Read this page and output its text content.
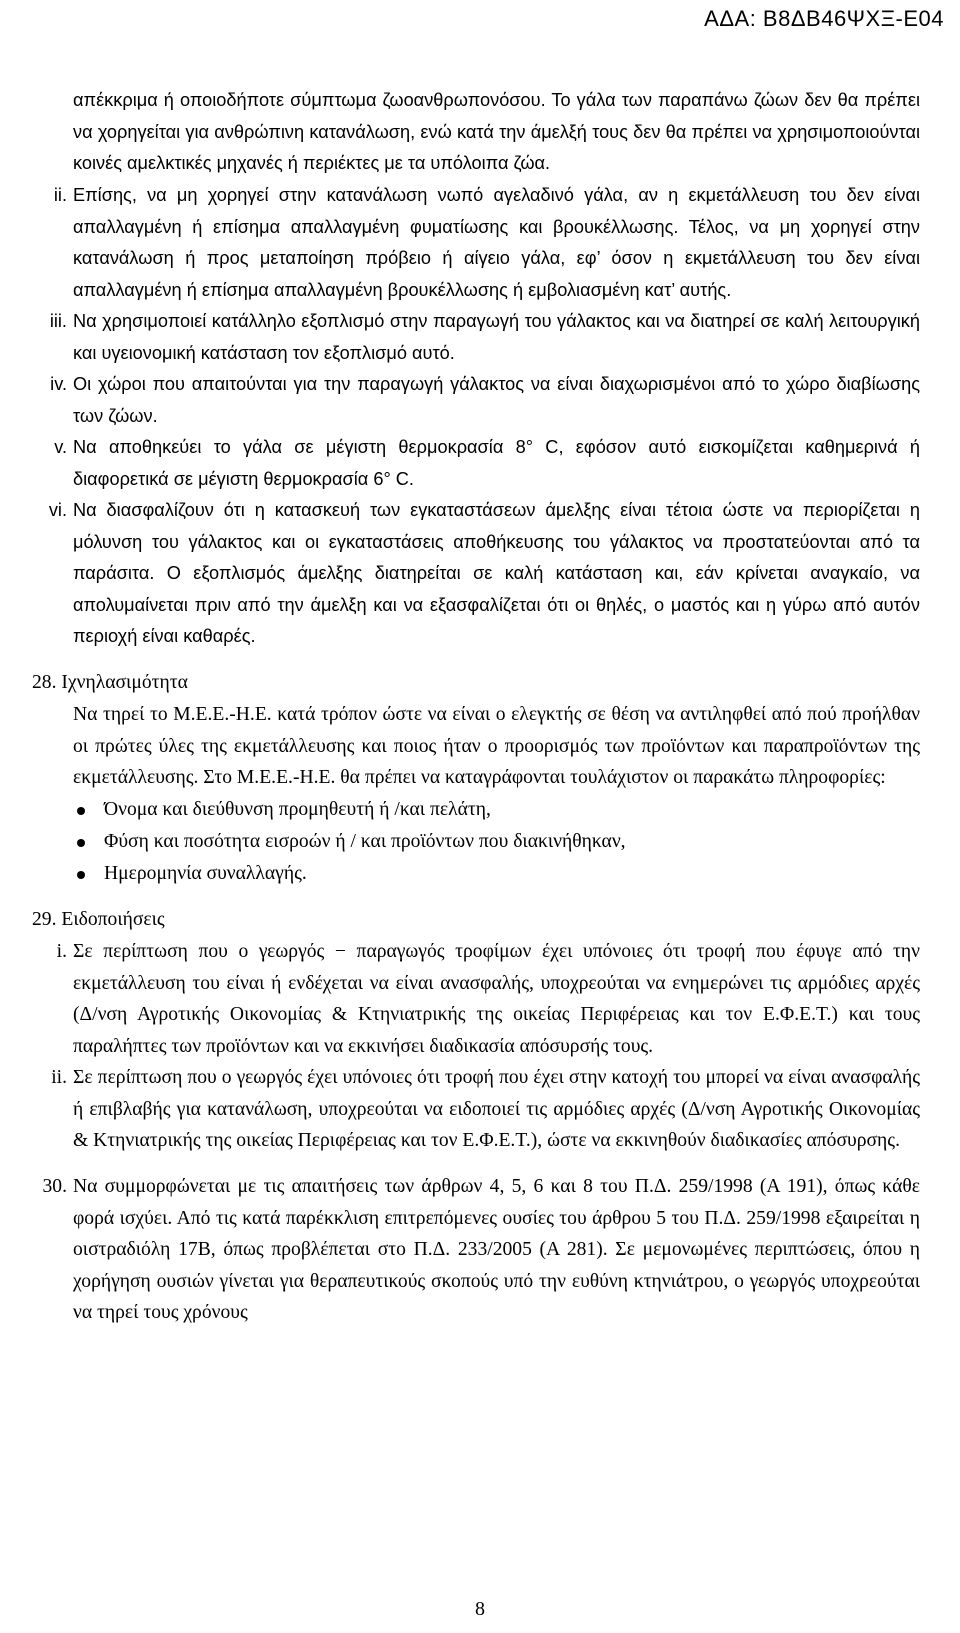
ΑΔΑ: Β8ΔΒ46ΨΧΞ-Ε04

απέκκριμα ή οποιοδήποτε σύμπτωμα ζωοανθρωπονόσου. Το γάλα των παραπάνω ζώων δεν θα πρέπει να χορηγείται για ανθρώπινη κατανάλωση, ενώ κατά την άμελξή τους δεν θα πρέπει να χρησιμοποιούνται κοινές αμελκτικές μηχανές ή περιέκτες με τα υπόλοιπα ζώα.

ii. Επίσης, να μη χορηγεί στην κατανάλωση νωπό αγελαδινό γάλα, αν η εκμετάλλευση του δεν είναι απαλλαγμένη ή επίσημα απαλλαγμένη φυματίωσης και βρουκέλλωσης. Τέλος, να μη χορηγεί στην κατανάλωση ή προς μεταποίηση πρόβειο ή αίγειο γάλα, εφ’ όσον η εκμετάλλευση του δεν είναι απαλλαγμένη ή επίσημα απαλλαγμένη βρουκέλλωσης ή εμβολιασμένη κατ’ αυτής.

iii. Να χρησιμοποιεί κατάλληλο εξοπλισμό στην παραγωγή του γάλακτος και να διατηρεί σε καλή λειτουργική και υγειονομική κατάσταση τον εξοπλισμό αυτό.

iv. Οι χώροι που απαιτούνται για την παραγωγή γάλακτος να είναι διαχωρισμένοι από το χώρο διαβίωσης των ζώων.

v. Να αποθηκεύει το γάλα σε μέγιστη θερμοκρασία 8° C, εφόσον αυτό εισκομίζεται καθημερινά ή διαφορετικά σε μέγιστη θερμοκρασία 6° C.

vi. Να διασφαλίζουν ότι η κατασκευή των εγκαταστάσεων άμελξης είναι τέτοια ώστε να περιορίζεται η μόλυνση του γάλακτος και οι εγκαταστάσεις αποθήκευσης του γάλακτος να προστατεύονται από τα παράσιτα. Ο εξοπλισμός άμελξης διατηρείται σε καλή κατάσταση και, εάν κρίνεται αναγκαίο, να απολυμαίνεται πριν από την άμελξη και να εξασφαλίζεται ότι οι θηλές, ο μαστός και η γύρω από αυτόν περιοχή είναι καθαρές.

28. Ιχνηλασιμότητα

Να τηρεί το Μ.Ε.Ε.-Η.Ε. κατά τρόπον ώστε να είναι ο ελεγκτής σε θέση να αντιληφθεί από πού προήλθαν οι πρώτες ύλες της εκμετάλλευσης και ποιος ήταν ο προορισμός των προϊόντων και παραπροϊόντων της εκμετάλλευσης. Στο Μ.Ε.Ε.-Η.Ε. θα πρέπει να καταγράφονται τουλάχιστον οι παρακάτω πληροφορίες:

Όνομα και διεύθυνση προμηθευτή ή /και πελάτη,
Φύση και ποσότητα εισροών ή / και προϊόντων που διακινήθηκαν,
Ημερομηνία συναλλαγής.
29. Ειδοποιήσεις
i. Σε περίπτωση που ο γεωργός − παραγωγός τροφίμων έχει υπόνοιες ότι τροφή που έφυγε από την εκμετάλλευση του είναι ή ενδέχεται να είναι ανασφαλής, υποχρεούται να ενημερώνει τις αρμόδιες αρχές (Δ/νση Αγροτικής Οικονομίας & Κτηνιατρικής της οικείας Περιφέρειας και τον Ε.Φ.Ε.Τ.) και τους παραλήπτες των προϊόντων και να εκκινήσει διαδικασία απόσυρσής τους.

ii. Σε περίπτωση που ο γεωργός έχει υπόνοιες ότι τροφή που έχει στην κατοχή του μπορεί να είναι ανασφαλής ή επιβλαβής για κατανάλωση, υποχρεούται να ειδοποιεί τις αρμόδιες αρχές (Δ/νση Αγροτικής Οικονομίας & Κτηνιατρικής της οικείας Περιφέρειας και τον Ε.Φ.Ε.Τ.), ώστε να εκκινηθούν διαδικασίες απόσυρσης.

30. Να συμμορφώνεται με τις απαιτήσεις των άρθρων 4, 5, 6 και 8 του Π.Δ. 259/1998 (Α 191), όπως κάθε φορά ισχύει. Από τις κατά παρέκκλιση επιτρεπόμενες ουσίες του άρθρου 5 του Π.Δ. 259/1998 εξαιρείται η οιστραδιόλη 17Β, όπως προβλέπεται στο Π.Δ. 233/2005 (Α 281). Σε μεμονωμένες περιπτώσεις, όπου η χορήγηση ουσιών γίνεται για θεραπευτικούς σκοπούς υπό την ευθύνη κτηνιάτρου, ο γεωργός υποχρεούται να τηρεί τους χρόνους

8
